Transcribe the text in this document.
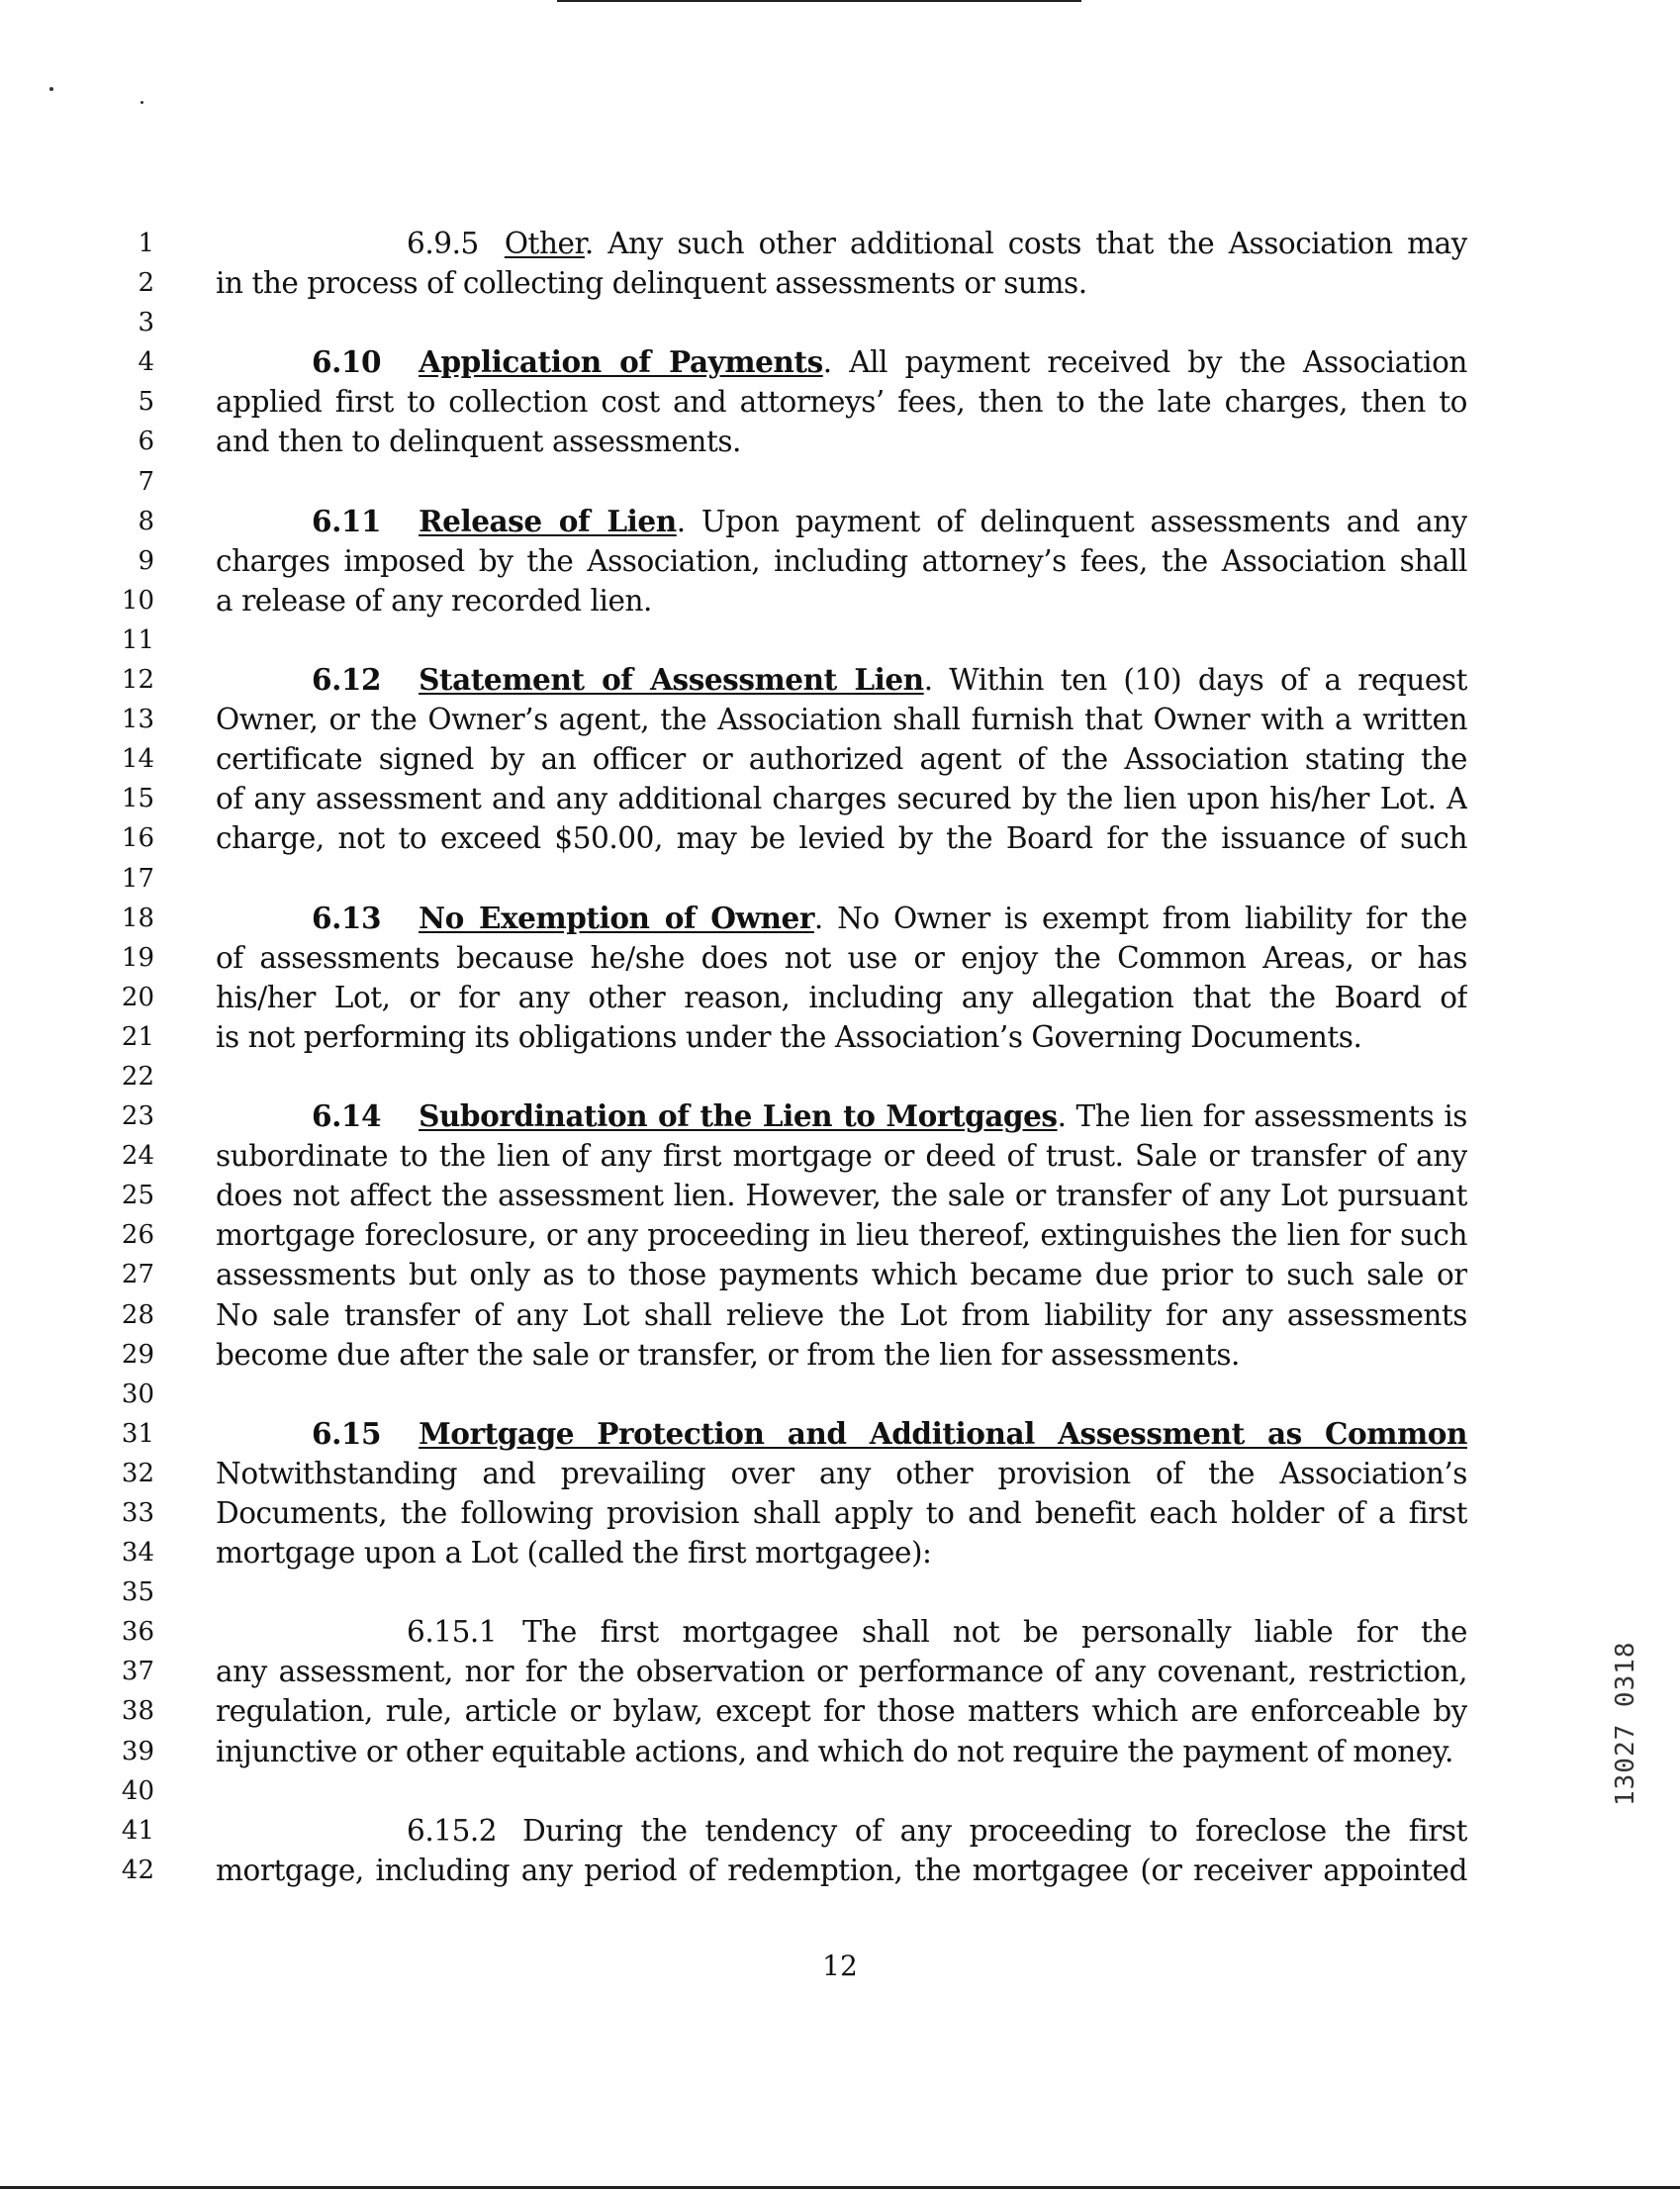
1
2
3
4
5
6
7
8
9
10
11
12
13
14
15
16
17
18
19
20
21
22
23
24
25
26
27
28
29
30
31
32
33
34
35
36
37
38
39
40
41
42
6.9.5 Other. Any such other additional costs that the Association may
in the process of collecting delinquent assessments or sums.
6.10 Application of Payments. All payment received by the Association
applied first to collection cost and attorneys’ fees, then to the late charges, then to
and then to delinquent assessments.
6.11 Release of Lien. Upon payment of delinquent assessments and any
charges imposed by the Association, including attorney’s fees, the Association shall
a release of any recorded lien.
6.12 Statement of Assessment Lien. Within ten (10) days of a request
Owner, or the Owner’s agent, the Association shall furnish that Owner with a written
certificate signed by an officer or authorized agent of the Association stating the
of any assessment and any additional charges secured by the lien upon his/her Lot. A
charge, not to exceed $50.00, may be levied by the Board for the issuance of such
6.13 No Exemption of Owner. No Owner is exempt from liability for the
of assessments because he/she does not use or enjoy the Common Areas, or has
his/her Lot, or for any other reason, including any allegation that the Board of
is not performing its obligations under the Association’s Governing Documents.
6.14 Subordination of the Lien to Mortgages. The lien for assessments is
subordinate to the lien of any first mortgage or deed of trust. Sale or transfer of any
does not affect the assessment lien. However, the sale or transfer of any Lot pursuant
mortgage foreclosure, or any proceeding in lieu thereof, extinguishes the lien for such
assessments but only as to those payments which became due prior to such sale or
No sale transfer of any Lot shall relieve the Lot from liability for any assessments
become due after the sale or transfer, or from the lien for assessments.
6.15 Mortgage Protection and Additional Assessment as Common
Notwithstanding and prevailing over any other provision of the Association’s
Documents, the following provision shall apply to and benefit each holder of a first
mortgage upon a Lot (called the first mortgagee):
6.15.1 The first mortgagee shall not be personally liable for the
any assessment, nor for the observation or performance of any covenant, restriction,
regulation, rule, article or bylaw, except for those matters which are enforceable by
injunctive or other equitable actions, and which do not require the payment of money.
6.15.2 During the tendency of any proceeding to foreclose the first
mortgage, including any period of redemption, the mortgagee (or receiver appointed
12
13027 0318
